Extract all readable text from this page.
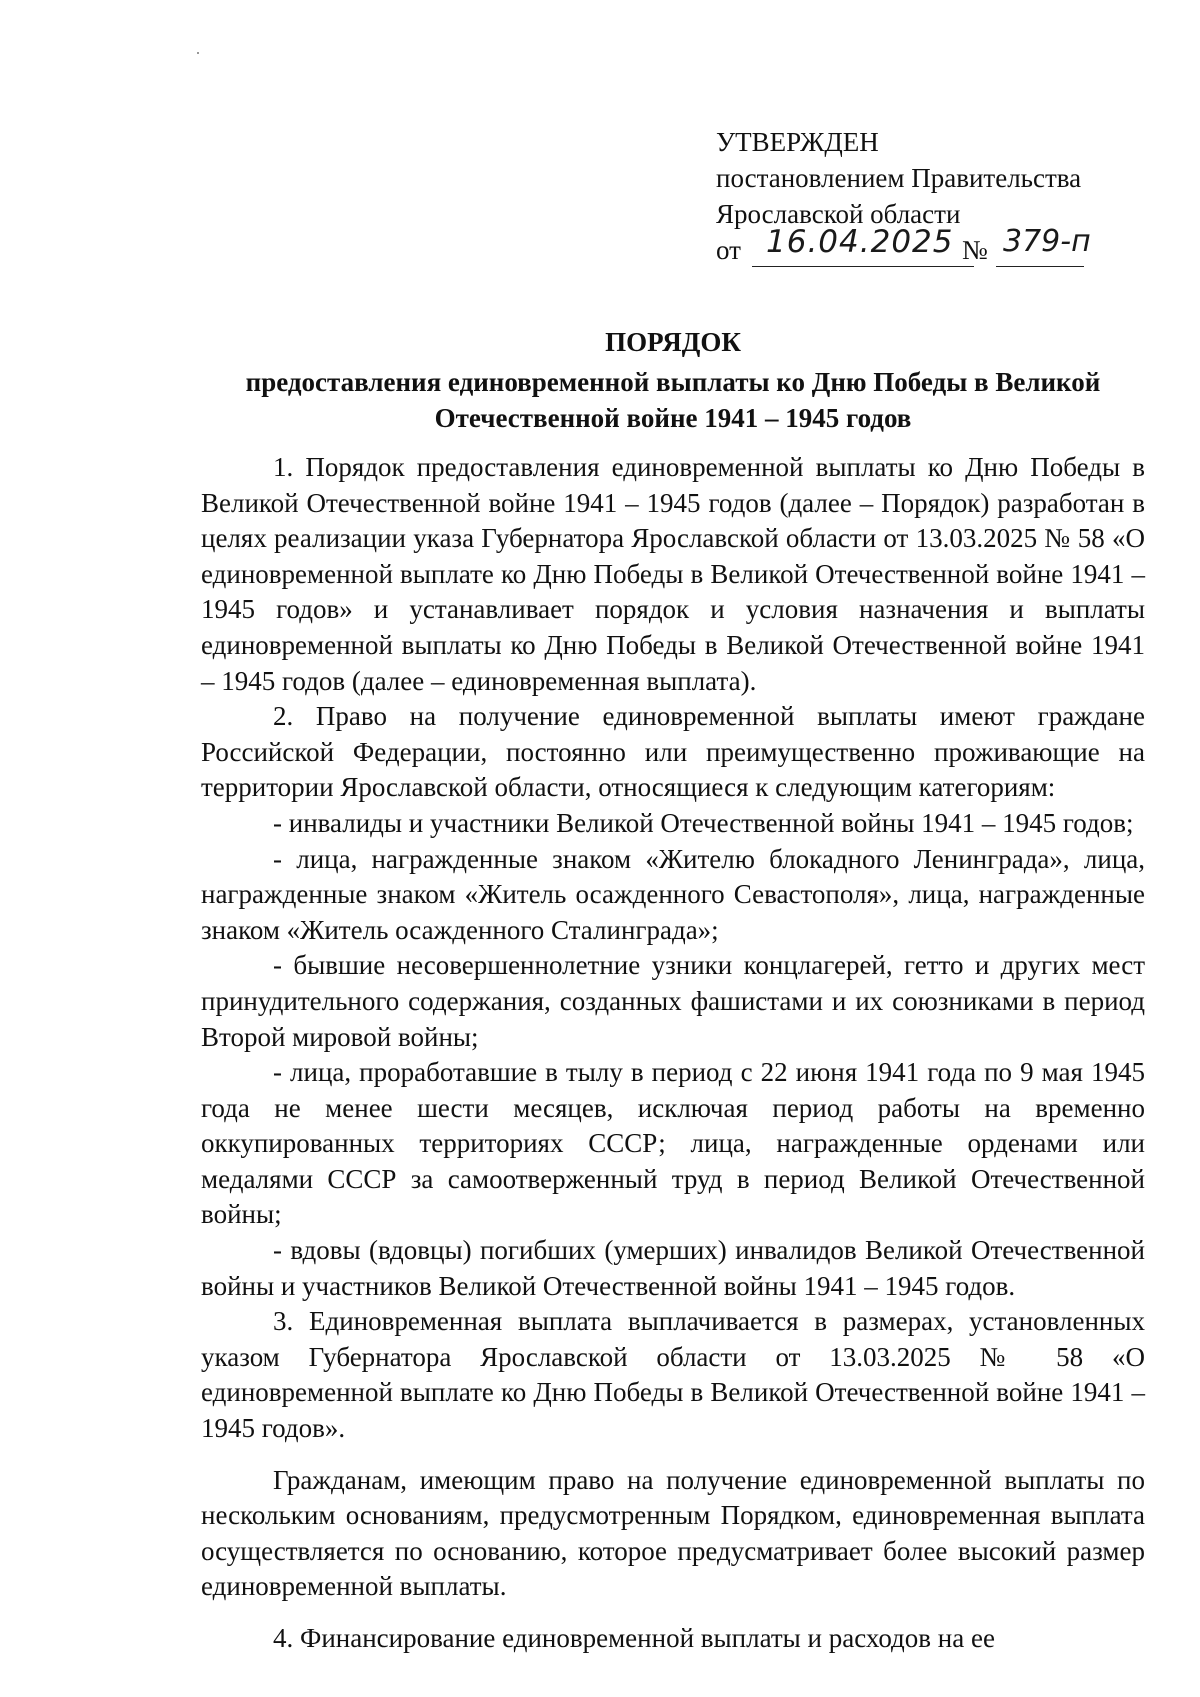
УТВЕРЖДЕН
постановлением Правительства
Ярославской области
от 16.04.2025 № 379-п
ПОРЯДОК
предоставления единовременной выплаты ко Дню Победы в Великой
Отечественной войне 1941 – 1945 годов

1. Порядок предоставления единовременной выплаты ко Дню Победы в Великой Отечественной войне 1941 – 1945 годов (далее – Порядок) разработан в целях реализации указа Губернатора Ярославской области от 13.03.2025 № 58 «О единовременной выплате ко Дню Победы в Великой Отечественной войне 1941 – 1945 годов» и устанавливает порядок и условия назначения и выплаты единовременной выплаты ко Дню Победы в Великой Отечественной войне 1941 – 1945 годов (далее – единовременная выплата).

2. Право на получение единовременной выплаты имеют граждане Российской Федерации, постоянно или преимущественно проживающие на территории Ярославской области, относящиеся к следующим категориям:

- инвалиды и участники Великой Отечественной войны 1941 – 1945 годов;

- лица, награжденные знаком «Жителю блокадного Ленинграда», лица, награжденные знаком «Житель осажденного Севастополя», лица, награжденные знаком «Житель осажденного Сталинграда»;

- бывшие несовершеннолетние узники концлагерей, гетто и других мест принудительного содержания, созданных фашистами и их союзниками в период Второй мировой войны;

- лица, проработавшие в тылу в период с 22 июня 1941 года по 9 мая 1945 года не менее шести месяцев, исключая период работы на временно оккупированных территориях СССР; лица, награжденные орденами или медалями СССР за самоотверженный труд в период Великой Отечественной войны;

- вдовы (вдовцы) погибших (умерших) инвалидов Великой Отечественной войны и участников Великой Отечественной войны 1941 – 1945 годов.

3. Единовременная выплата выплачивается в размерах, установленных указом Губернатора Ярославской области от 13.03.2025 № 58 «О единовременной выплате ко Дню Победы в Великой Отечественной войне 1941 – 1945 годов».

Гражданам, имеющим право на получение единовременной выплаты по нескольким основаниям, предусмотренным Порядком, единовременная выплата осуществляется по основанию, которое предусматривает более высокий размер единовременной выплаты.

4. Финансирование единовременной выплаты и расходов на ее
